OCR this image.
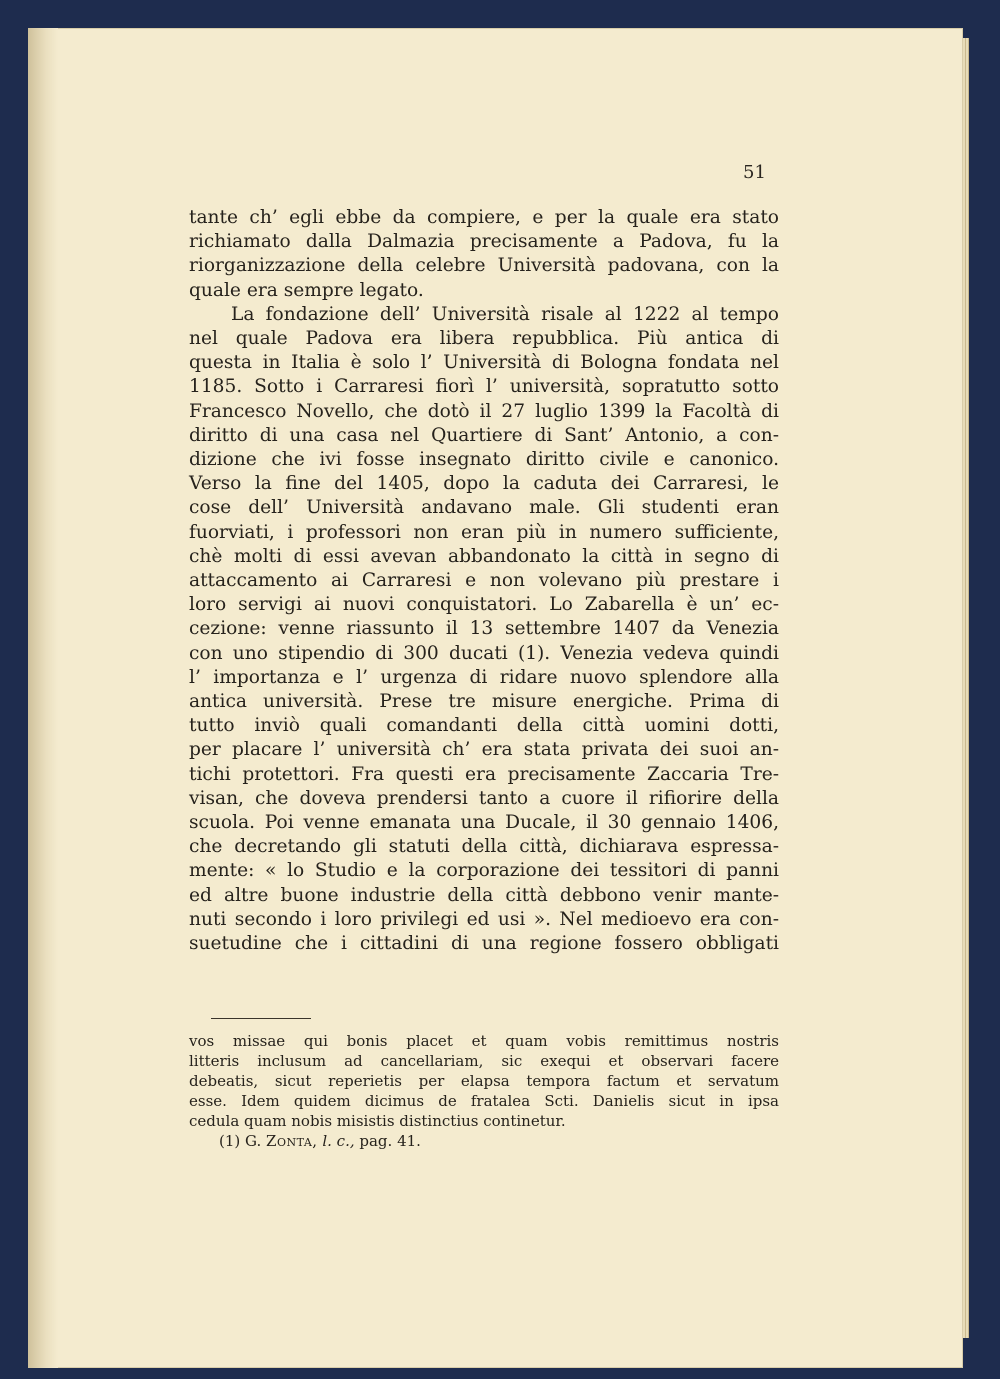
51
tante ch’ egli ebbe da compiere, e per la quale era stato
richiamato dalla Dalmazia precisamente a Padova, fu la
riorganizzazione della celebre Università padovana, con la
quale era sempre legato.
La fondazione dell’ Università risale al 1222 al tempo
nel quale Padova era libera repubblica. Più antica di
questa in Italia è solo l’ Università di Bologna fondata nel
1185. Sotto i Carraresi fiorì l’ università, sopratutto sotto
Francesco Novello, che dotò il 27 luglio 1399 la Facoltà di
diritto di una casa nel Quartiere di Sant’ Antonio, a con-
dizione che ivi fosse insegnato diritto civile e canonico.
Verso la fine del 1405, dopo la caduta dei Carraresi, le
cose dell’ Università andavano male. Gli studenti eran
fuorviati, i professori non eran più in numero sufficiente,
chè molti di essi avevan abbandonato la città in segno di
attaccamento ai Carraresi e non volevano più prestare i
loro servigi ai nuovi conquistatori. Lo Zabarella è un’ ec-
cezione: venne riassunto il 13 settembre 1407 da Venezia
con uno stipendio di 300 ducati (1). Venezia vedeva quindi
l’ importanza e l’ urgenza di ridare nuovo splendore alla
antica università. Prese tre misure energiche. Prima di
tutto inviò quali comandanti della città uomini dotti,
per placare l’ università ch’ era stata privata dei suoi an-
tichi protettori. Fra questi era precisamente Zaccaria Tre-
visan, che doveva prendersi tanto a cuore il rifiorire della
scuola. Poi venne emanata una Ducale, il 30 gennaio 1406,
che decretando gli statuti della città, dichiarava espressa-
mente: « lo Studio e la corporazione dei tessitori di panni
ed altre buone industrie della città debbono venir mante-
nuti secondo i loro privilegi ed usi ». Nel medioevo era con-
suetudine che i cittadini di una regione fossero obbligati
vos missae qui bonis placet et quam vobis remittimus nostris
litteris inclusum ad cancellariam, sic exequi et observari facere
debeatis, sicut reperietis per elapsa tempora factum et servatum
esse. Idem quidem dicimus de fratalea Scti. Danielis sicut in ipsa
cedula quam nobis misistis distinctius continetur.
(1) G. Zonta, l. c., pag. 41.
